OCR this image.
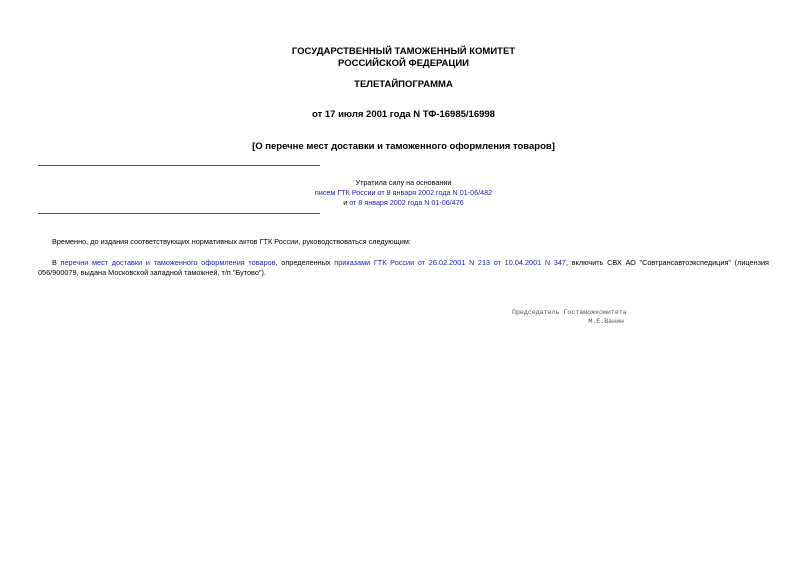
ГОСУДАРСТВЕННЫЙ ТАМОЖЕННЫЙ КОМИТЕТ
РОССИЙСКОЙ ФЕДЕРАЦИИ
ТЕЛЕТАЙПОГРАММА
от 17 июля 2001 года N ТФ-16985/16998
[О перечне мест доставки и таможенного оформления товаров]
Утратила силу на основании
писем ГТК России от 8 января 2002 года N 01-06/482
и от 8 января 2002 года N 01-06/476
Временно, до издания соответствующих нормативных актов ГТК России, руководствоваться следующим:
В перечни мест доставки и таможенного оформления товаров, определенных приказами ГТК России от 26.02.2001 N 213 от 10.04.2001 N 347, включить СВХ АО "Совтрансавтоэкспедиция" (лицензия 056/900079, выдана Московской западной таможней, т/п "Бутово").
Председатель Гостаможкомитета
М.Е.Ванин
